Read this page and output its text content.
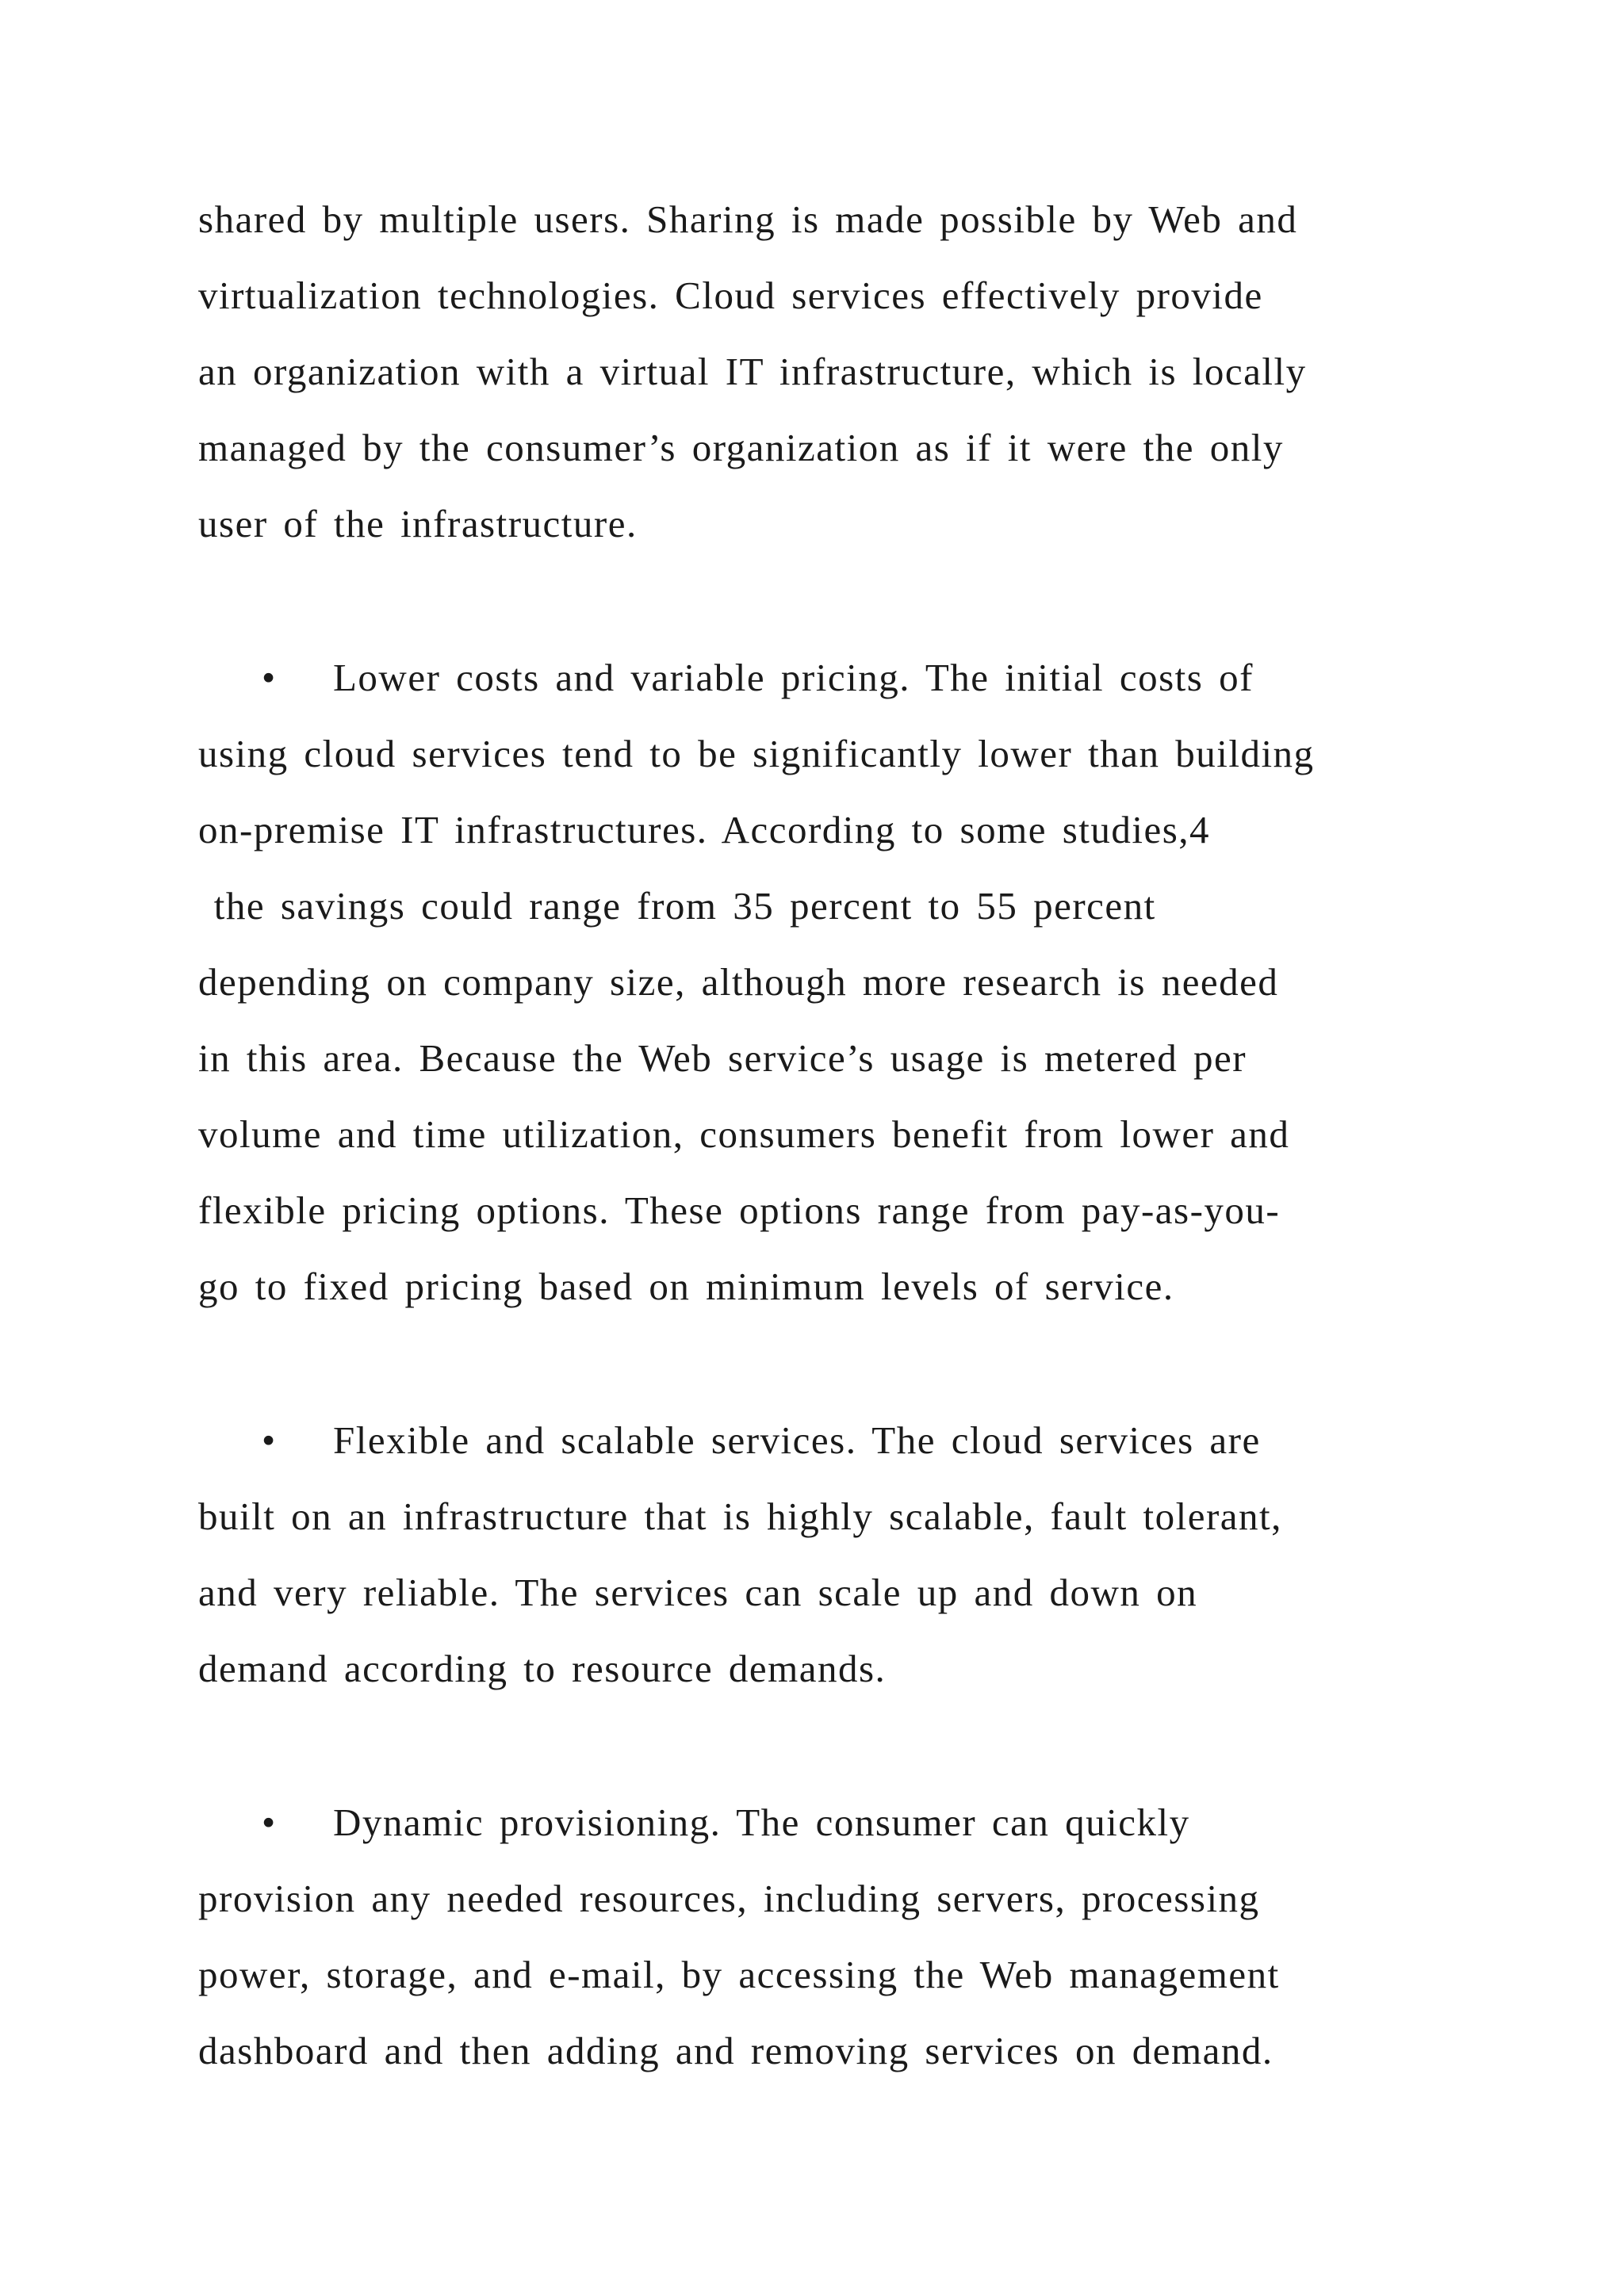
shared by multiple users. Sharing is made possible by Web and
virtualization technologies. Cloud services effectively provide
an organization with a virtual IT infrastructure, which is locally
managed by the consumer’s organization as if it were the only
user of the infrastructure.
• Lower costs and variable pricing. The initial costs of
using cloud services tend to be significantly lower than building
on-premise IT infrastructures. According to some studies,4
the savings could range from 35 percent to 55 percent
depending on company size, although more research is needed
in this area. Because the Web service’s usage is metered per
volume and time utilization, consumers benefit from lower and
flexible pricing options. These options range from pay-as-you-
go to fixed pricing based on minimum levels of service.
• Flexible and scalable services. The cloud services are
built on an infrastructure that is highly scalable, fault tolerant,
and very reliable. The services can scale up and down on
demand according to resource demands.
• Dynamic provisioning. The consumer can quickly
provision any needed resources, including servers, processing
power, storage, and e-mail, by accessing the Web management
dashboard and then adding and removing services on demand.
